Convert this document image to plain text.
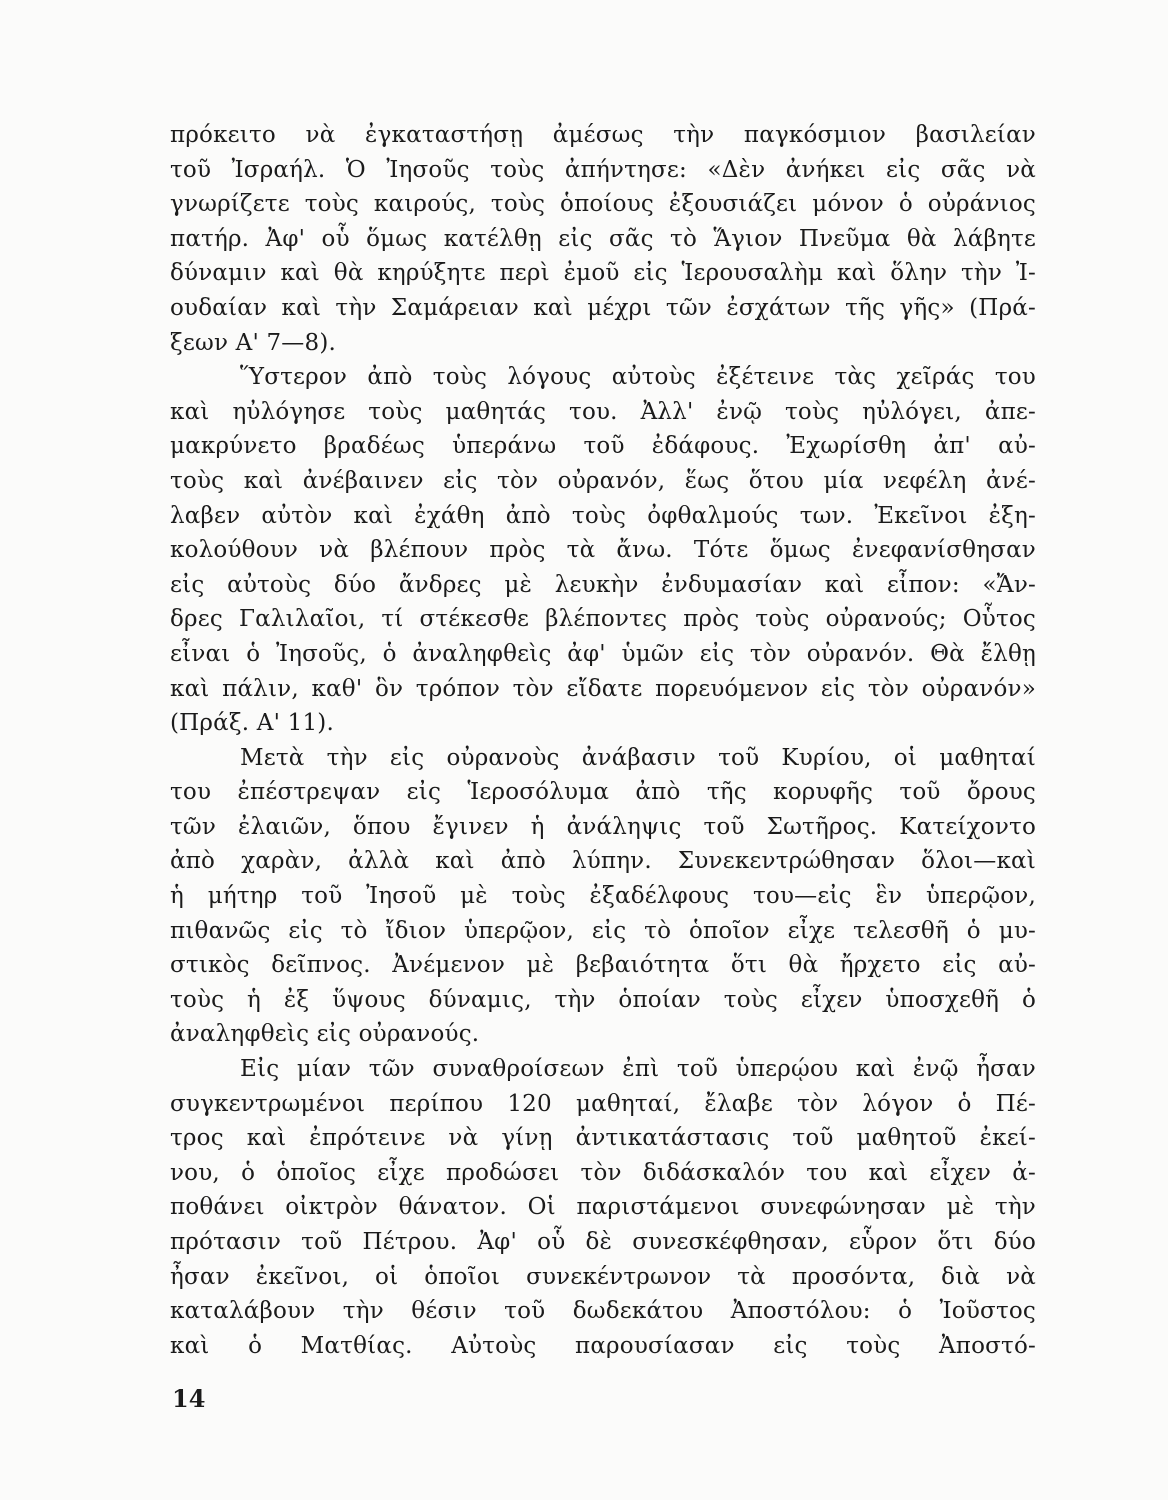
πρόκειτο νὰ ἐγκαταστήσῃ ἀμέσως τὴν παγκόσμιον βασιλείαν
τοῦ Ἰσραήλ. Ὁ Ἰησοῦς τοὺς ἀπήντησε: «Δὲν ἀνήκει εἰς σᾶς νὰ
γνωρίζετε τοὺς καιρούς, τοὺς ὁποίους ἐξουσιάζει μόνον ὁ οὐράνιος
πατήρ. Ἀφ' οὗ ὅμως κατέλθῃ εἰς σᾶς τὸ Ἅγιον Πνεῦμα θὰ λάβητε
δύναμιν καὶ θὰ κηρύξητε περὶ ἐμοῦ εἰς Ἱερουσαλὴμ καὶ ὅλην τὴν Ἰ-
ουδαίαν καὶ τὴν Σαμάρειαν καὶ μέχρι τῶν ἐσχάτων τῆς γῆς» (Πρά-
ξεων Α' 7—8).
Ὕστερον ἀπὸ τοὺς λόγους αὐτοὺς ἐξέτεινε τὰς χεῖράς του
καὶ ηὐλόγησε τοὺς μαθητάς του. Ἀλλ' ἐνῷ τοὺς ηὐλόγει, ἀπε-
μακρύνετο βραδέως ὑπεράνω τοῦ ἐδάφους. Ἐχωρίσθη ἀπ' αὐ-
τοὺς καὶ ἀνέβαινεν εἰς τὸν οὐρανόν, ἕως ὅτου μία νεφέλη ἀνέ-
λαβεν αὐτὸν καὶ ἐχάθη ἀπὸ τοὺς ὀφθαλμούς των. Ἐκεῖνοι ἐξη-
κολούθουν νὰ βλέπουν πρὸς τὰ ἄνω. Τότε ὅμως ἐνεφανίσθησαν
εἰς αὐτοὺς δύο ἄνδρες μὲ λευκὴν ἐνδυμασίαν καὶ εἶπον: «Ἄν-
δρες Γαλιλαῖοι, τί στέκεσθε βλέποντες πρὸς τοὺς οὐρανούς; Οὗτος
εἶναι ὁ Ἰησοῦς, ὁ ἀναληφθεὶς ἀφ' ὑμῶν εἰς τὸν οὐρανόν. Θὰ ἔλθῃ
καὶ πάλιν, καθ' ὃν τρόπον τὸν εἴδατε πορευόμενον εἰς τὸν οὐρανόν»
(Πράξ. Α' 11).
Μετὰ τὴν εἰς οὐρανοὺς ἀνάβασιν τοῦ Κυρίου, οἱ μαθηταί
του ἐπέστρεψαν εἰς Ἱεροσόλυμα ἀπὸ τῆς κορυφῆς τοῦ ὄρους
τῶν ἐλαιῶν, ὅπου ἔγινεν ἡ ἀνάληψις τοῦ Σωτῆρος. Κατείχοντο
ἀπὸ χαρὰν, ἀλλὰ καὶ ἀπὸ λύπην. Συνεκεντρώθησαν ὅλοι—καὶ
ἡ μήτηρ τοῦ Ἰησοῦ μὲ τοὺς ἐξαδέλφους του—εἰς ἓν ὑπερῷον,
πιθανῶς εἰς τὸ ἴδιον ὑπερῷον, εἰς τὸ ὁποῖον εἶχε τελεσθῆ ὁ μυ-
στικὸς δεῖπνος. Ἀνέμενον μὲ βεβαιότητα ὅτι θὰ ἤρχετο εἰς αὐ-
τοὺς ἡ ἐξ ὕψους δύναμις, τὴν ὁποίαν τοὺς εἶχεν ὑποσχεθῆ ὁ
ἀναληφθεὶς εἰς οὐρανούς.
Εἰς μίαν τῶν συναθροίσεων ἐπὶ τοῦ ὑπερῴου καὶ ἐνῷ ἦσαν
συγκεντρωμένοι περίπου 120 μαθηταί, ἔλαβε τὸν λόγον ὁ Πέ-
τρος καὶ ἐπρότεινε νὰ γίνῃ ἀντικατάστασις τοῦ μαθητοῦ ἐκεί-
νου, ὁ ὁποῖος εἶχε προδώσει τὸν διδάσκαλόν του καὶ εἶχεν ἀ-
ποθάνει οἰκτρὸν θάνατον. Οἱ παριστάμενοι συνεφώνησαν μὲ τὴν
πρότασιν τοῦ Πέτρου. Ἀφ' οὗ δὲ συνεσκέφθησαν, εὗρον ὅτι δύο
ἦσαν ἐκεῖνοι, οἱ ὁποῖοι συνεκέντρωνον τὰ προσόντα, διὰ νὰ
καταλάβουν τὴν θέσιν τοῦ δωδεκάτου Ἀποστόλου: ὁ Ἰοῦστος
καὶ ὁ Ματθίας. Αὐτοὺς παρουσίασαν εἰς τοὺς Ἀποστό-
14
